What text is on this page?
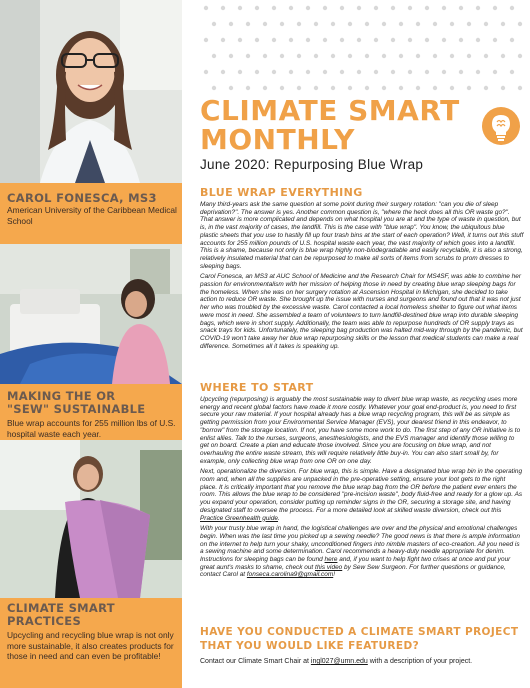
CAROL FONESCA, MS3
American University of the Caribbean Medical School
MAKING THE OR
"SEW" SUSTAINABLE
Blue wrap accounts for 255 million lbs of U.S. hospital waste each year.
CLIMATE SMART
PRACTICES
Upcycling and recycling blue wrap is not only more sustainable, it also creates products for those in need and can even be profitable!
CLIMATE SMART
MONTHLY
June 2020: Repurposing Blue Wrap
BLUE WRAP EVERYTHING

Many third-years ask the same question at some point during their surgery rotation: "can you die of sleep deprivation?". The answer is yes. Another common question is, "where the heck does all this OR waste go?". That answer is more complicated and depends on what hospital you are at and the type of waste in question, but is, in the vast majority of cases, the landfill. This is the case with "blue wrap". You know, the ubiquitous blue plastic sheets that you use to hastily fill up four trash bins at the start of each operation? Well, it turns out this stuff accounts for 255 million pounds of U.S. hospital waste each year, the vast majority of which goes into a landfill. This is a shame, because not only is blue wrap highly non-biodegradable and easily recyclable, it is also a strong, relatively insulated material that can be repurposed to make all sorts of items from scrubs to prom dresses to sleeping bags.

Carol Fonesca, an MS3 at AUC School of Medicine and the Research Chair for MS4SF, was able to combine her passion for environmentalism with her mission of helping those in need by creating blue wrap sleeping bags for the homeless. When she was on her surgery rotation at Ascension Hospital in Michigan, she decided to take action to reduce OR waste. She brought up the issue with nurses and surgeons and found out that it was not just her who was troubled by the excessive waste. Carol contacted a local homeless shelter to figure out what items were most in need. She assembled a team of volunteers to turn landfill-destined blue wrap into durable sleeping bags, which were in short supply. Additionally, the team was able to repurpose hundreds of OR supply trays as snack trays for kids. Unfortunately, the sleeping bag production was halted mid-way through by the pandemic, but COVID-19 won't take away her blue wrap repurposing skills or the lesson that medical students can make a real difference. Sometimes all it takes is speaking up.

WHERE TO START

Upcycling (repurposing) is arguably the most sustainable way to divert blue wrap waste, as recycling uses more energy and recent global factors have made it more costly. Whatever your goal end-product is, you need to first secure your raw material. If your hospital already has a blue wrap recycling program, this will be as simple as getting permission from your Environmental Service Manager (EVS), your dearest friend in this endeavor, to "borrow" from the storage location. If not, you have some more work to do. The first step of any OR initiative is to enlist allies. Talk to the nurses, surgeons, anesthesiologists, and the EVS manager and identify those willing to get on board. Create a plan and educate those involved. Since you are focusing on blue wrap, and not overhauling the entire waste stream, this will require relatively little buy-in. You can also start small by, for example, only collecting blue wrap from one OR on one day.

Next, operationalize the diversion. For blue wrap, this is simple. Have a designated blue wrap bin in the operating room and, when all the supplies are unpacked in the pre-operative setting, ensure your loot gets to the right place. It is critically important that you remove the blue wrap bag from the OR before the patient ever enters the room. This allows the blue wrap to be considered "pre-incision waste", body fluid-free and ready for a glow up. As you expand your operation, consider putting up reminder signs in the OR, securing a storage site, and having designated staff to oversee the process. For a more detailed look at skilled waste diversion, check out this Practice Greenhealth guide.

With your trusty blue wrap in hand, the logistical challenges are over and the physical and emotional challenges begin. When was the last time you picked up a sewing needle? The good news is that there is ample information on the internet to help turn your shaky, unconditioned fingers into nimble masters of eco-creation. All you need is a sewing machine and some determination. Carol recommends a heavy-duty needle appropriate for denim. Instructions for sleeping bags can be found here and, if you want to help fight two crises at once and put your great aunt's masks to shame, check out this video by Sew Sew Surgeon. For further questions or guidance, contact Carol at fonseca.carolina9@gmail.com!

HAVE YOU CONDUCTED A CLIMATE SMART PROJECT THAT YOU WOULD LIKE FEATURED?
Contact our Climate Smart Chair at ingl027@umn.edu with a description of your project.
